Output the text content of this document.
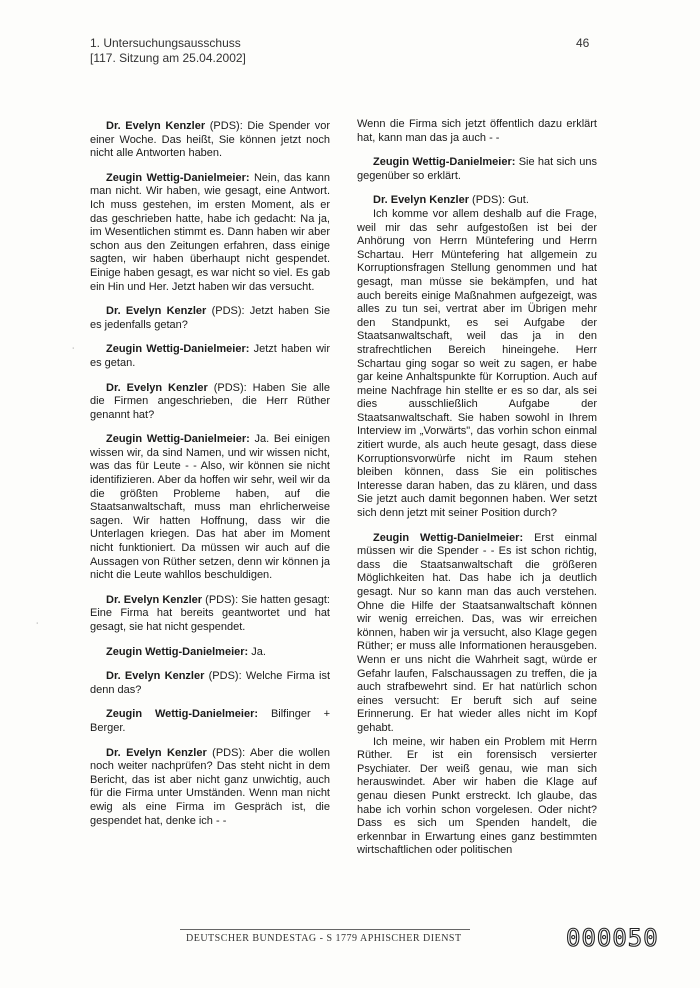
1. Untersuchungsausschuss
[117. Sitzung am 25.04.2002]
46

Dr. Evelyn Kenzler (PDS): Die Spender vor einer Woche. Das heißt, Sie können jetzt noch nicht alle Antworten haben.

Zeugin Wettig-Danielmeier: Nein, das kann man nicht. Wir haben, wie gesagt, eine Antwort. Ich muss gestehen, im ersten Moment, als er das geschrieben hatte, habe ich gedacht: Na ja, im Wesentlichen stimmt es. Dann haben wir aber schon aus den Zeitungen erfahren, dass einige sagten, wir haben überhaupt nicht gespendet. Einige haben gesagt, es war nicht so viel. Es gab ein Hin und Her. Jetzt haben wir das versucht.

Dr. Evelyn Kenzler (PDS): Jetzt haben Sie es jedenfalls getan?

Zeugin Wettig-Danielmeier: Jetzt haben wir es getan.

Dr. Evelyn Kenzler (PDS): Haben Sie alle die Firmen angeschrieben, die Herr Rüther genannt hat?

Zeugin Wettig-Danielmeier: Ja. Bei einigen wissen wir, da sind Namen, und wir wissen nicht, was das für Leute - - Also, wir können sie nicht identifizieren. Aber da hoffen wir sehr, weil wir da die größten Probleme haben, auf die Staatsanwaltschaft, muss man ehrlicherweise sagen. Wir hatten Hoffnung, dass wir die Unterlagen kriegen. Das hat aber im Moment nicht funktioniert. Da müssen wir auch auf die Aussagen von Rüther setzen, denn wir können ja nicht die Leute wahllos beschuldigen.

Dr. Evelyn Kenzler (PDS): Sie hatten gesagt: Eine Firma hat bereits geantwortet und hat gesagt, sie hat nicht gespendet.

Zeugin Wettig-Danielmeier: Ja.

Dr. Evelyn Kenzler (PDS): Welche Firma ist denn das?

Zeugin Wettig-Danielmeier: Bilfinger + Berger.

Dr. Evelyn Kenzler (PDS): Aber die wollen noch weiter nachprüfen? Das steht nicht in dem Bericht, das ist aber nicht ganz unwichtig, auch für die Firma unter Umständen. Wenn man nicht ewig als eine Firma im Gespräch ist, die gespendet hat, denke ich - -

Wenn die Firma sich jetzt öffentlich dazu erklärt hat, kann man das ja auch - -

Zeugin Wettig-Danielmeier: Sie hat sich uns gegenüber so erklärt.

Dr. Evelyn Kenzler (PDS): Gut.

Ich komme vor allem deshalb auf die Frage, weil mir das sehr aufgestoßen ist bei der Anhörung von Herrn Müntefering und Herrn Schartau. Herr Müntefering hat allgemein zu Korruptionsfragen Stellung genommen und hat gesagt, man müsse sie bekämpfen, und hat auch bereits einige Maßnahmen aufgezeigt, was alles zu tun sei, vertrat aber im Übrigen mehr den Standpunkt, es sei Aufgabe der Staatsanwaltschaft, weil das ja in den strafrechtlichen Bereich hineingehe. Herr Schartau ging sogar so weit zu sagen, er habe gar keine Anhaltspunkte für Korruption. Auch auf meine Nachfrage hin stellte er es so dar, als sei dies ausschließlich Aufgabe der Staatsanwaltschaft. Sie haben sowohl in Ihrem Interview im „Vorwärts", das vorhin schon einmal zitiert wurde, als auch heute gesagt, dass diese Korruptionsvorwürfe nicht im Raum stehen bleiben können, dass Sie ein politisches Interesse daran haben, das zu klären, und dass Sie jetzt auch damit begonnen haben. Wer setzt sich denn jetzt mit seiner Position durch?

Zeugin Wettig-Danielmeier: Erst einmal müssen wir die Spender - - Es ist schon richtig, dass die Staatsanwaltschaft die größeren Möglichkeiten hat. Das habe ich ja deutlich gesagt. Nur so kann man das auch verstehen. Ohne die Hilfe der Staatsanwaltschaft können wir wenig erreichen. Das, was wir erreichen können, haben wir ja versucht, also Klage gegen Rüther; er muss alle Informationen herausgeben. Wenn er uns nicht die Wahrheit sagt, würde er Gefahr laufen, Falschaussagen zu treffen, die ja auch strafbewehrt sind. Er hat natürlich schon eines versucht: Er beruft sich auf seine Erinnerung. Er hat wieder alles nicht im Kopf gehabt.

Ich meine, wir haben ein Problem mit Herrn Rüther. Er ist ein forensisch versierter Psychiater. Der weiß genau, wie man sich herauswindet. Aber wir haben die Klage auf genau diesen Punkt erstreckt. Ich glaube, das habe ich vorhin schon vorgelesen. Oder nicht? Dass es sich um Spenden handelt, die erkennbar in Erwartung eines ganz bestimmten wirtschaftlichen oder politischen

˙
˙
DEUTSCHER BUNDESTAG - S 1779 APHISCHER DIENST	000050
